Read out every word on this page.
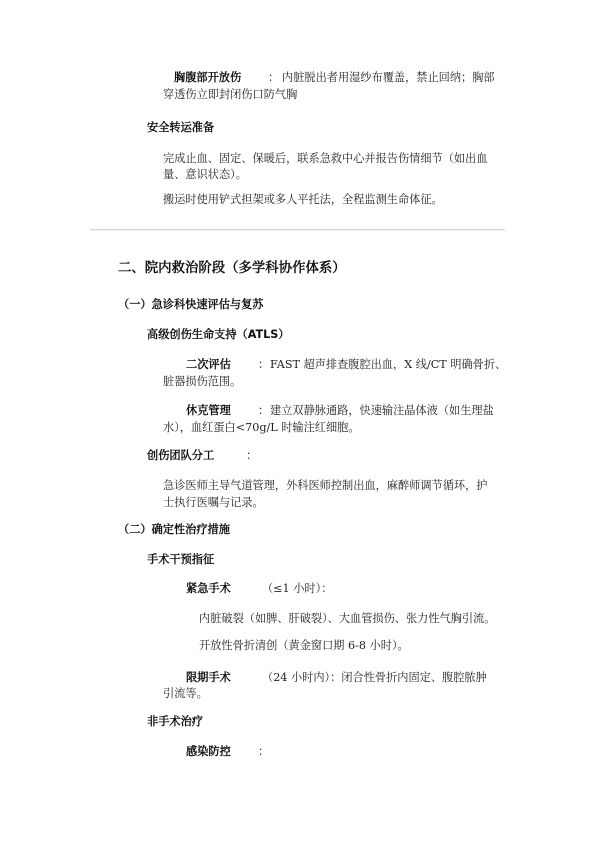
胸腹部开放伤 ： 内脏脱出者用湿纱布覆盖，禁止回纳；胸部
穿透伤立即封闭伤口防气胸
安全转运准备
完成止血、固定、保暖后，联系急救中心并报告伤情细节（如出血
量、意识状态）。
搬运时使用铲式担架或多人平托法，全程监测生命体征。
二、院内救治阶段（多学科协作体系）
（一）急诊科快速评估与复苏
高级创伤生命支持（ATLS）
二次评估 ： FAST 超声排查腹腔出血，X 线/CT 明确骨折、
脏器损伤范围。
休克管理 ： 建立双静脉通路，快速输注晶体液（如生理盐
水），血红蛋白<70g/L 时输注红细胞。
创伤团队分工	：
急诊医师主导气道管理，外科医师控制出血，麻醉师调节循环，护
士执行医嘱与记录。
（二）确定性治疗措施
手术干预指征
紧急手术	（≤1 小时）：
内脏破裂（如脾、肝破裂）、大血管损伤、张力性气胸引流。
开放性骨折清创（黄金窗口期 6-8 小时）。
限期手术	（24 小时内）：闭合性骨折内固定、腹腔脓肿
引流等。
非手术治疗
感染防控 ：
